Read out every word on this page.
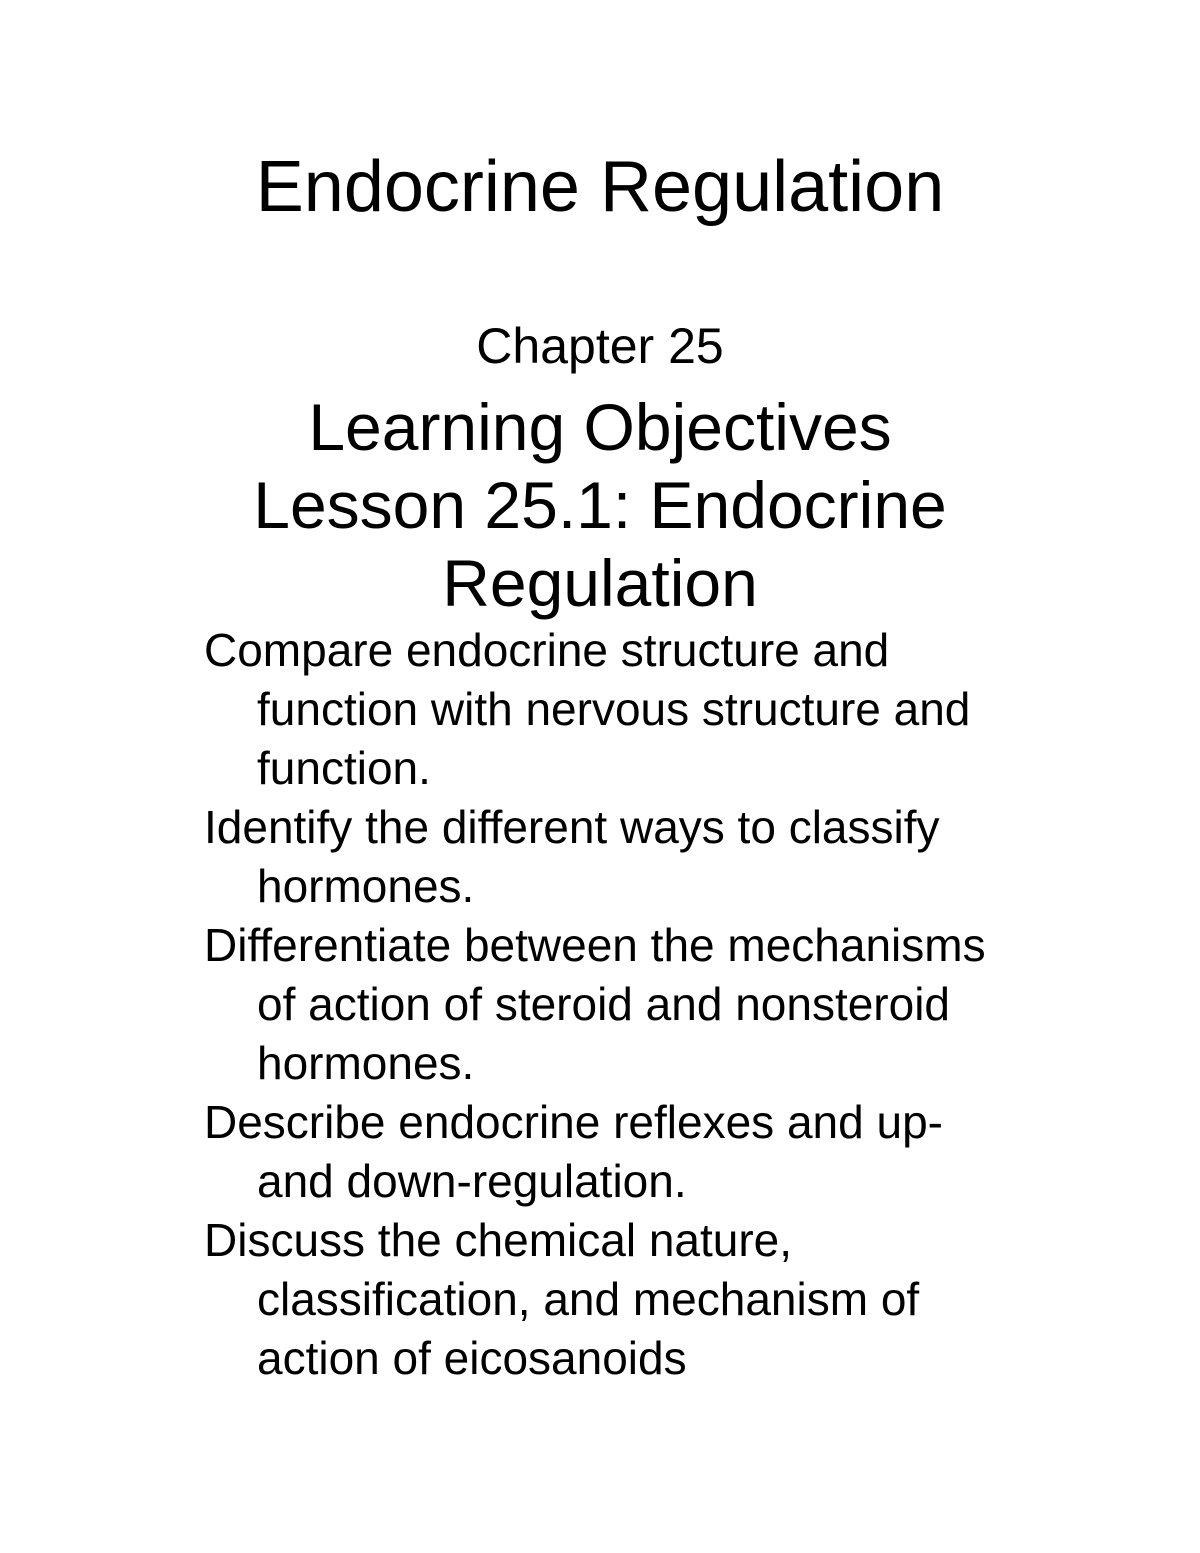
Endocrine Regulation
Chapter 25
Learning Objectives
Lesson 25.1: Endocrine Regulation
Compare endocrine structure and function with nervous structure and function.
Identify the different ways to classify hormones.
Differentiate between the mechanisms of action of steroid and nonsteroid hormones.
Describe endocrine reflexes and up- and down-regulation.
Discuss the chemical nature, classification, and mechanism of action of eicosanoids
